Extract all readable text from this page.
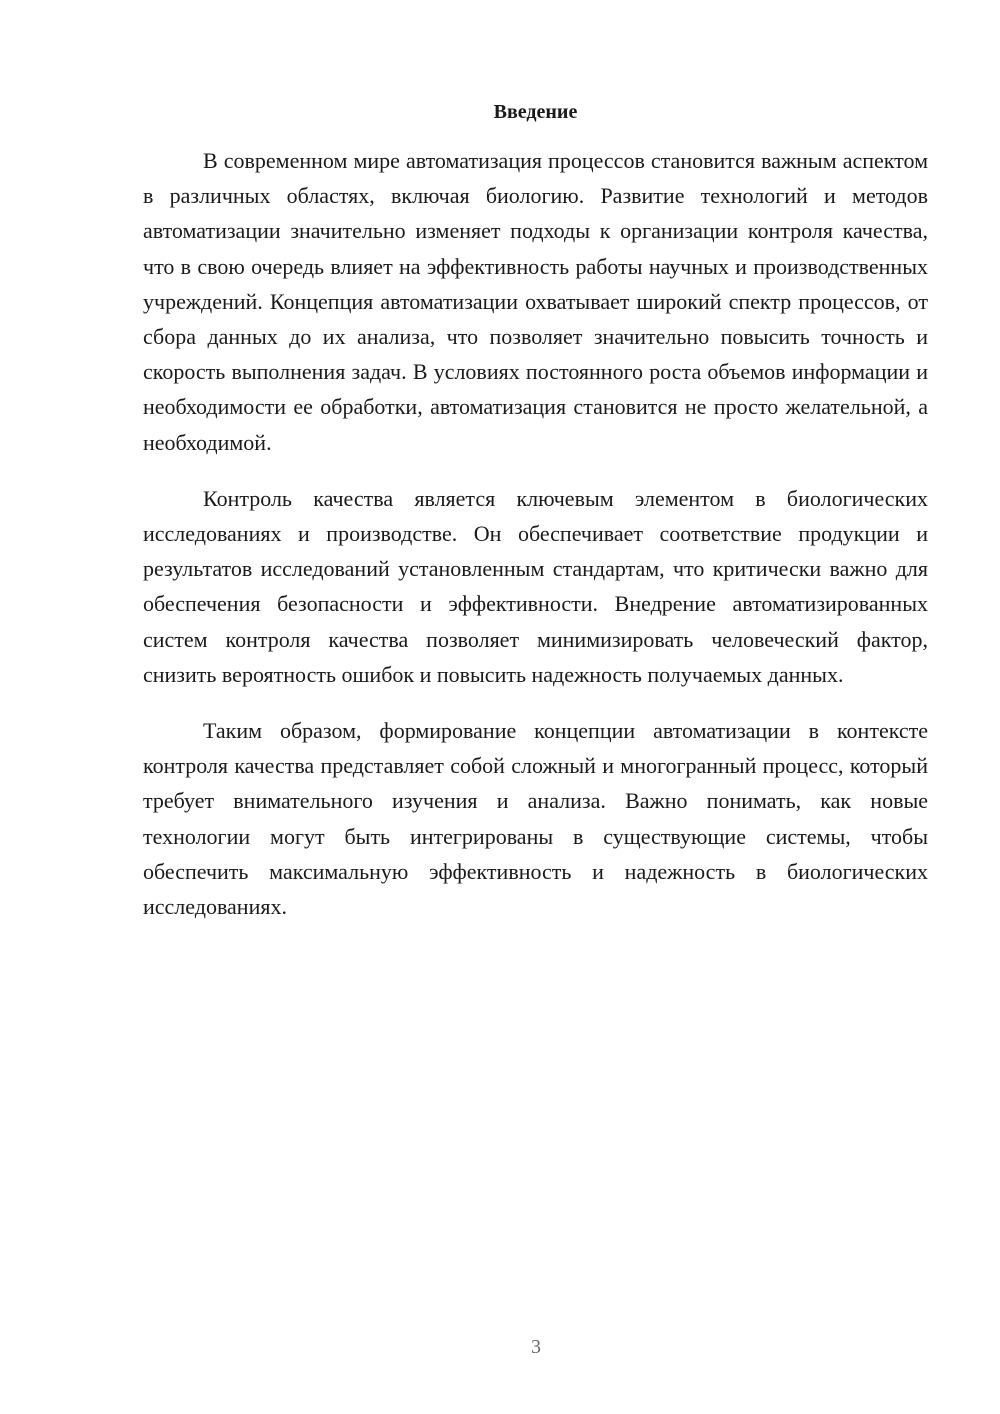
Введение

В современном мире автоматизация процессов становится важным аспектом в различных областях, включая биологию. Развитие технологий и методов автоматизации значительно изменяет подходы к организации контроля качества, что в свою очередь влияет на эффективность работы научных и производственных учреждений. Концепция автоматизации охватывает широкий спектр процессов, от сбора данных до их анализа, что позволяет значительно повысить точность и скорость выполнения задач. В условиях постоянного роста объемов информации и необходимости ее обработки, автоматизация становится не просто желательной, а необходимой.

Контроль качества является ключевым элементом в биологических исследованиях и производстве. Он обеспечивает соответствие продукции и результатов исследований установленным стандартам, что критически важно для обеспечения безопасности и эффективности. Внедрение автоматизированных систем контроля качества позволяет минимизировать человеческий фактор, снизить вероятность ошибок и повысить надежность получаемых данных.

Таким образом, формирование концепции автоматизации в контексте контроля качества представляет собой сложный и многогранный процесс, который требует внимательного изучения и анализа. Важно понимать, как новые технологии могут быть интегрированы в существующие системы, чтобы обеспечить максимальную эффективность и надежность в биологических исследованиях.

3
